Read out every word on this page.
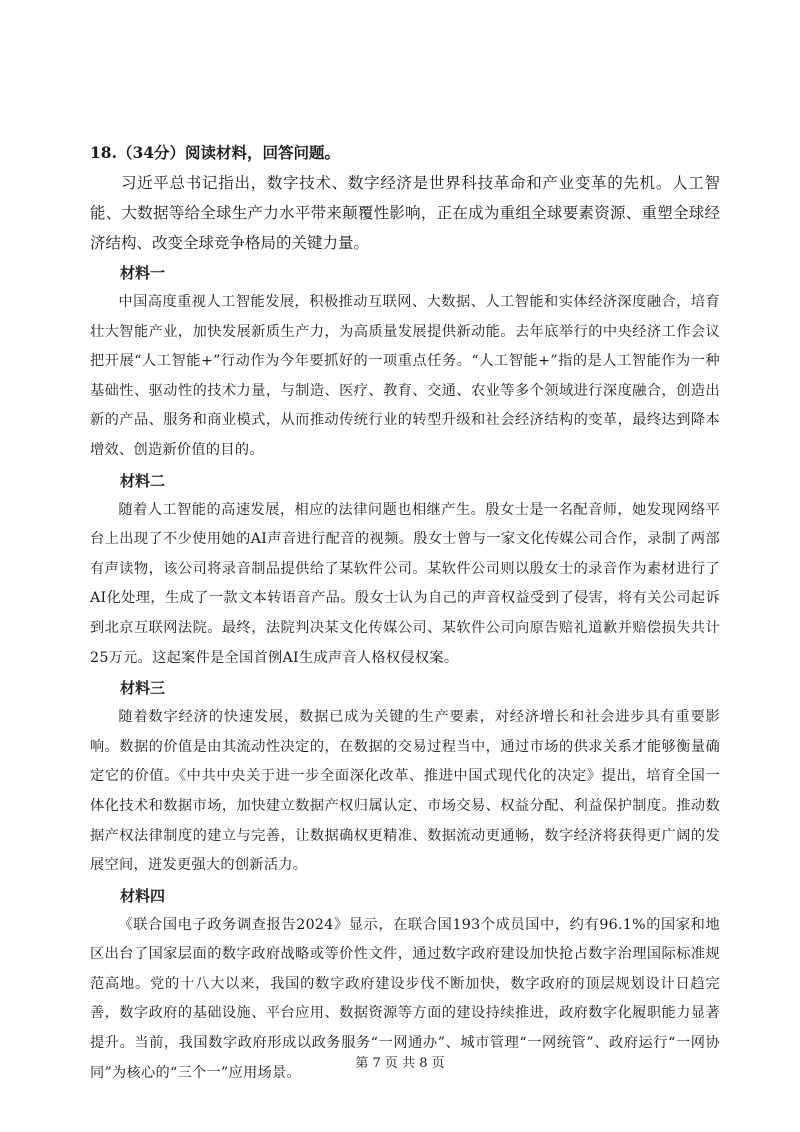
18.（34分）阅读材料，回答问题。

习近平总书记指出，数字技术、数字经济是世界科技革命和产业变革的先机。人工智能、大数据等给全球生产力水平带来颠覆性影响，正在成为重组全球要素资源、重塑全球经济结构、改变全球竞争格局的关键力量。

材料一

中国高度重视人工智能发展，积极推动互联网、大数据、人工智能和实体经济深度融合，培育壮大智能产业，加快发展新质生产力，为高质量发展提供新动能。去年底举行的中央经济工作会议把开展“人工智能+”行动作为今年要抓好的一项重点任务。“人工智能+”指的是人工智能作为一种基础性、驱动性的技术力量，与制造、医疗、教育、交通、农业等多个领域进行深度融合，创造出新的产品、服务和商业模式，从而推动传统行业的转型升级和社会经济结构的变革，最终达到降本增效、创造新价值的目的。

材料二

随着人工智能的高速发展，相应的法律问题也相继产生。殷女士是一名配音师，她发现网络平台上出现了不少使用她的AI声音进行配音的视频。殷女士曾与一家文化传媒公司合作，录制了两部有声读物，该公司将录音制品提供给了某软件公司。某软件公司则以殷女士的录音作为素材进行了AI化处理，生成了一款文本转语音产品。殷女士认为自己的声音权益受到了侵害，将有关公司起诉到北京互联网法院。最终，法院判决某文化传媒公司、某软件公司向原告赔礼道歉并赔偿损失共计25万元。这起案件是全国首例AI生成声音人格权侵权案。

材料三

随着数字经济的快速发展，数据已成为关键的生产要素，对经济增长和社会进步具有重要影响。数据的价值是由其流动性决定的，在数据的交易过程当中，通过市场的供求关系才能够衡量确定它的价值。《中共中央关于进一步全面深化改革、推进中国式现代化的决定》提出，培育全国一体化技术和数据市场，加快建立数据产权归属认定、市场交易、权益分配、利益保护制度。推动数据产权法律制度的建立与完善，让数据确权更精准、数据流动更通畅，数字经济将获得更广阔的发展空间，迸发更强大的创新活力。

材料四

《联合国电子政务调查报告2024》显示，在联合国193个成员国中，约有96.1%的国家和地区出台了国家层面的数字政府战略或等价性文件，通过数字政府建设加快抢占数字治理国际标准规范高地。党的十八大以来，我国的数字政府建设步伐不断加快，数字政府的顶层规划设计日趋完善，数字政府的基础设施、平台应用、数据资源等方面的建设持续推进，政府数字化履职能力显著提升。当前，我国数字政府形成以政务服务“一网通办”、城市管理“一网统管”、政府运行“一网协同”为核心的“三个一”应用场景。

第 7 页 共 8 页
